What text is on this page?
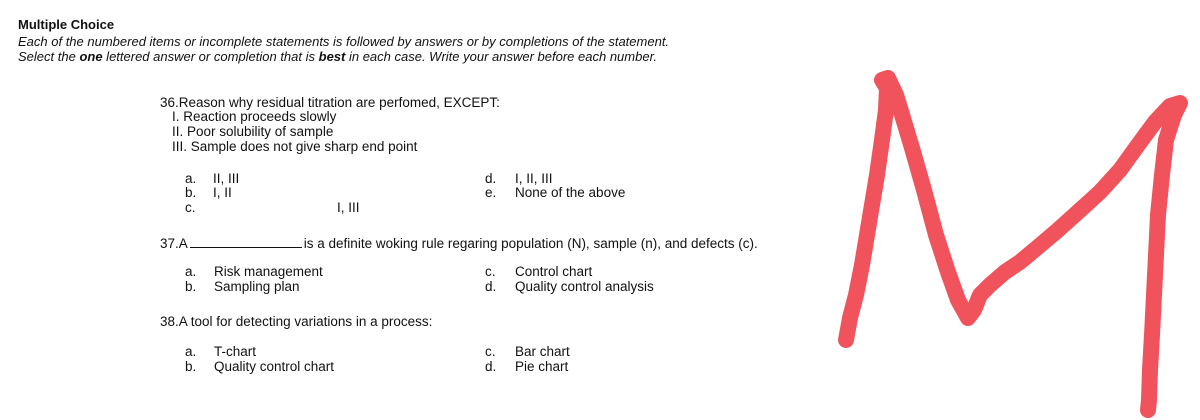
Multiple Choice
Each of the numbered items or incomplete statements is followed by answers or by completions of the statement.
Select the one lettered answer or completion that is best in each case. Write your answer before each number.
36.Reason why residual titration are perfomed, EXCEPT:
I. Reaction proceeds slowly
II. Poor solubility of sample
III. Sample does not give sharp end point
a. II, III
b. I, II
c.	I, III
d. I, II, III
e. None of the above
37.A	is a definite woking rule regaring population (N), sample (n), and defects (c).
a. Risk management
b. Sampling plan
c. Control chart
d. Quality control analysis
38.A tool for detecting variations in a process:
a. T-chart
b. Quality control chart
c. Bar chart
d. Pie chart
